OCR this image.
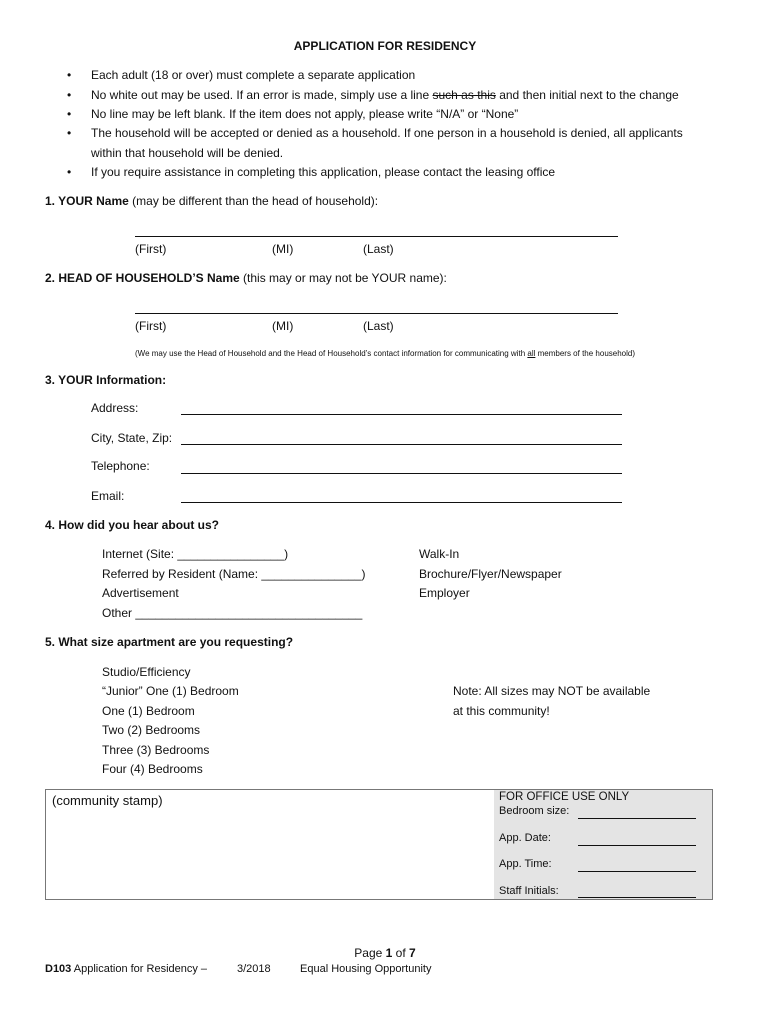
APPLICATION FOR RESIDENCY
• Each adult (18 or over) must complete a separate application
• No white out may be used. If an error is made, simply use a line such as this and then initial next to the change
• No line may be left blank. If the item does not apply, please write “N/A” or “None”
• The household will be accepted or denied as a household. If one person in a household is denied, all applicants
within that household will be denied.
• If you require assistance in completing this application, please contact the leasing office
1. YOUR Name (may be different than the head of household):
(First)	(MI)	(Last)
2. HEAD OF HOUSEHOLD’S Name (this may or may not be YOUR name):
(First)	(MI)	(Last)
(We may use the Head of Household and the Head of Household’s contact information for communicating with all members of the household)
3. YOUR Information:
Address:
City, State, Zip:
Telephone:
Email:
4. How did you hear about us?
Internet (Site: ________________)
Referred by Resident (Name: _______________)
Advertisement
Other __________________________________
Walk-In
Brochure/Flyer/Newspaper
Employer
5. What size apartment are you requesting?
Studio/Efficiency
“Junior” One (1) Bedroom
One (1) Bedroom
Two (2) Bedrooms
Three (3) Bedrooms
Four (4) Bedrooms
Note: All sizes may NOT be available
at this community!
(community stamp)	FOR OFFICE USE ONLY
Bedroom size:
App. Date:
App. Time:
Staff Initials:
Page 1 of 7
D103 Application for Residency –	3/2018	Equal Housing Opportunity
